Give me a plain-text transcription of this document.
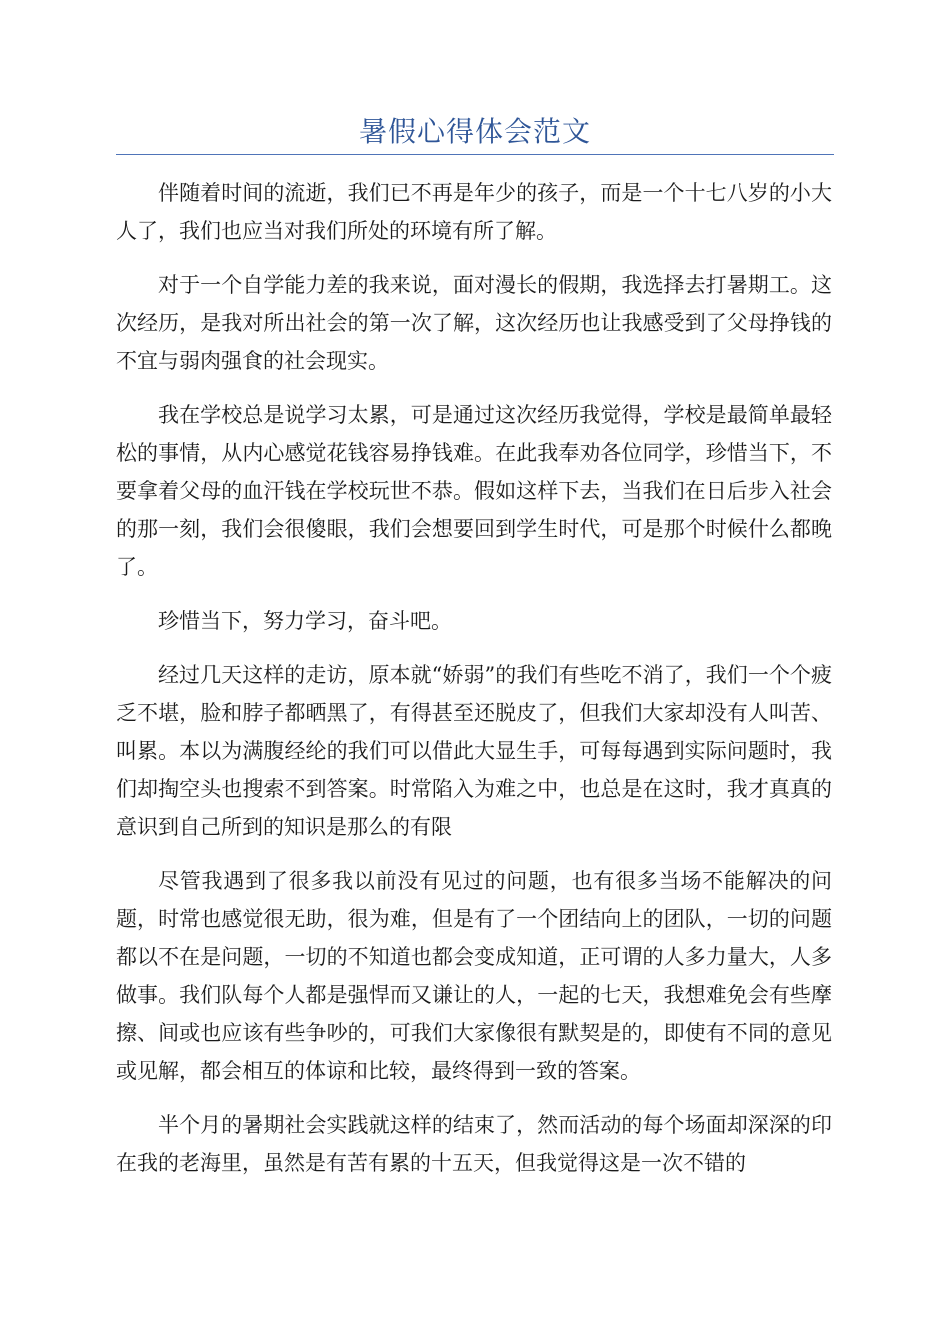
暑假心得体会范文

伴随着时间的流逝，我们已不再是年少的孩子，而是一个十七八岁的小大人了，我们也应当对我们所处的环境有所了解。

对于一个自学能力差的我来说，面对漫长的假期，我选择去打暑期工。这次经历，是我对所出社会的第一次了解，这次经历也让我感受到了父母挣钱的不宜与弱肉强食的社会现实。

我在学校总是说学习太累，可是通过这次经历我觉得，学校是最简单最轻松的事情，从内心感觉花钱容易挣钱难。在此我奉劝各位同学，珍惜当下，不要拿着父母的血汗钱在学校玩世不恭。假如这样下去，当我们在日后步入社会的那一刻，我们会很傻眼，我们会想要回到学生时代，可是那个时候什么都晚了。

珍惜当下，努力学习，奋斗吧。

经过几天这样的走访，原本就“娇弱”的我们有些吃不消了，我们一个个疲乏不堪，脸和脖子都晒黑了，有得甚至还脱皮了，但我们大家却没有人叫苦、叫累。本以为满腹经纶的我们可以借此大显生手，可每每遇到实际问题时，我们却掏空头也搜索不到答案。时常陷入为难之中，也总是在这时，我才真真的意识到自己所到的知识是那么的有限

尽管我遇到了很多我以前没有见过的问题，也有很多当场不能解决的问题，时常也感觉很无助，很为难，但是有了一个团结向上的团队，一切的问题都以不在是问题，一切的不知道也都会变成知道，正可谓的人多力量大，人多做事。我们队每个人都是强悍而又谦让的人，一起的七天，我想难免会有些摩擦、间或也应该有些争吵的，可我们大家像很有默契是的，即使有不同的意见或见解，都会相互的体谅和比较，最终得到一致的答案。

半个月的暑期社会实践就这样的结束了，然而活动的每个场面却深深的印在我的老海里，虽然是有苦有累的十五天，但我觉得这是一次不错的
